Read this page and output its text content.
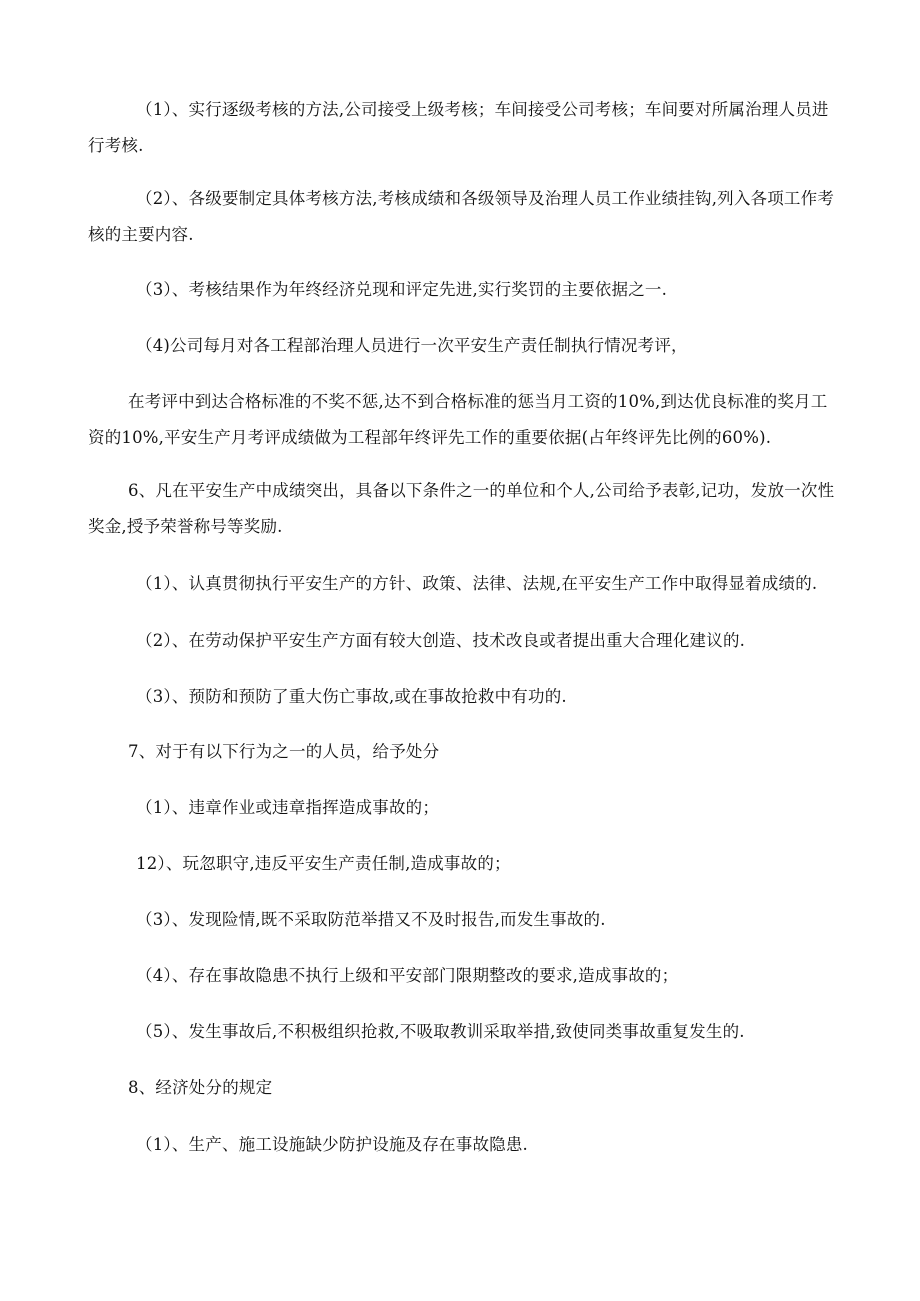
（1）、实行逐级考核的方法,公司接受上级考核；车间接受公司考核；车间要对所属治理人员进行考核.
（2）、各级要制定具体考核方法,考核成绩和各级领导及治理人员工作业绩挂钩,列入各项工作考核的主要内容.
（3）、考核结果作为年终经济兑现和评定先进,实行奖罚的主要依据之一.
（4)公司每月对各工程部治理人员进行一次平安生产责任制执行情况考评，
在考评中到达合格标准的不奖不惩,达不到合格标准的惩当月工资的10%,到达优良标准的奖月工资的10%,平安生产月考评成绩做为工程部年终评先工作的重要依据(占年终评先比例的60%).
6、凡在平安生产中成绩突出，具备以下条件之一的单位和个人,公司给予表彰,记功，发放一次性奖金,授予荣誉称号等奖励.
（1）、认真贯彻执行平安生产的方针、政策、法律、法规,在平安生产工作中取得显着成绩的.
（2）、在劳动保护平安生产方面有较大创造、技术改良或者提出重大合理化建议的.
（3）、预防和预防了重大伤亡事故,或在事故抢救中有功的.
7、对于有以下行为之一的人员，给予处分
（1）、违章作业或违章指挥造成事故的；
12）、玩忽职守,违反平安生产责任制,造成事故的；
（3）、发现险情,既不采取防范举措又不及时报告,而发生事故的.
（4）、存在事故隐患不执行上级和平安部门限期整改的要求,造成事故的；
（5）、发生事故后,不积极组织抢救,不吸取教训采取举措,致使同类事故重复发生的.
8、经济处分的规定
（1）、生产、施工设施缺少防护设施及存在事故隐患.
